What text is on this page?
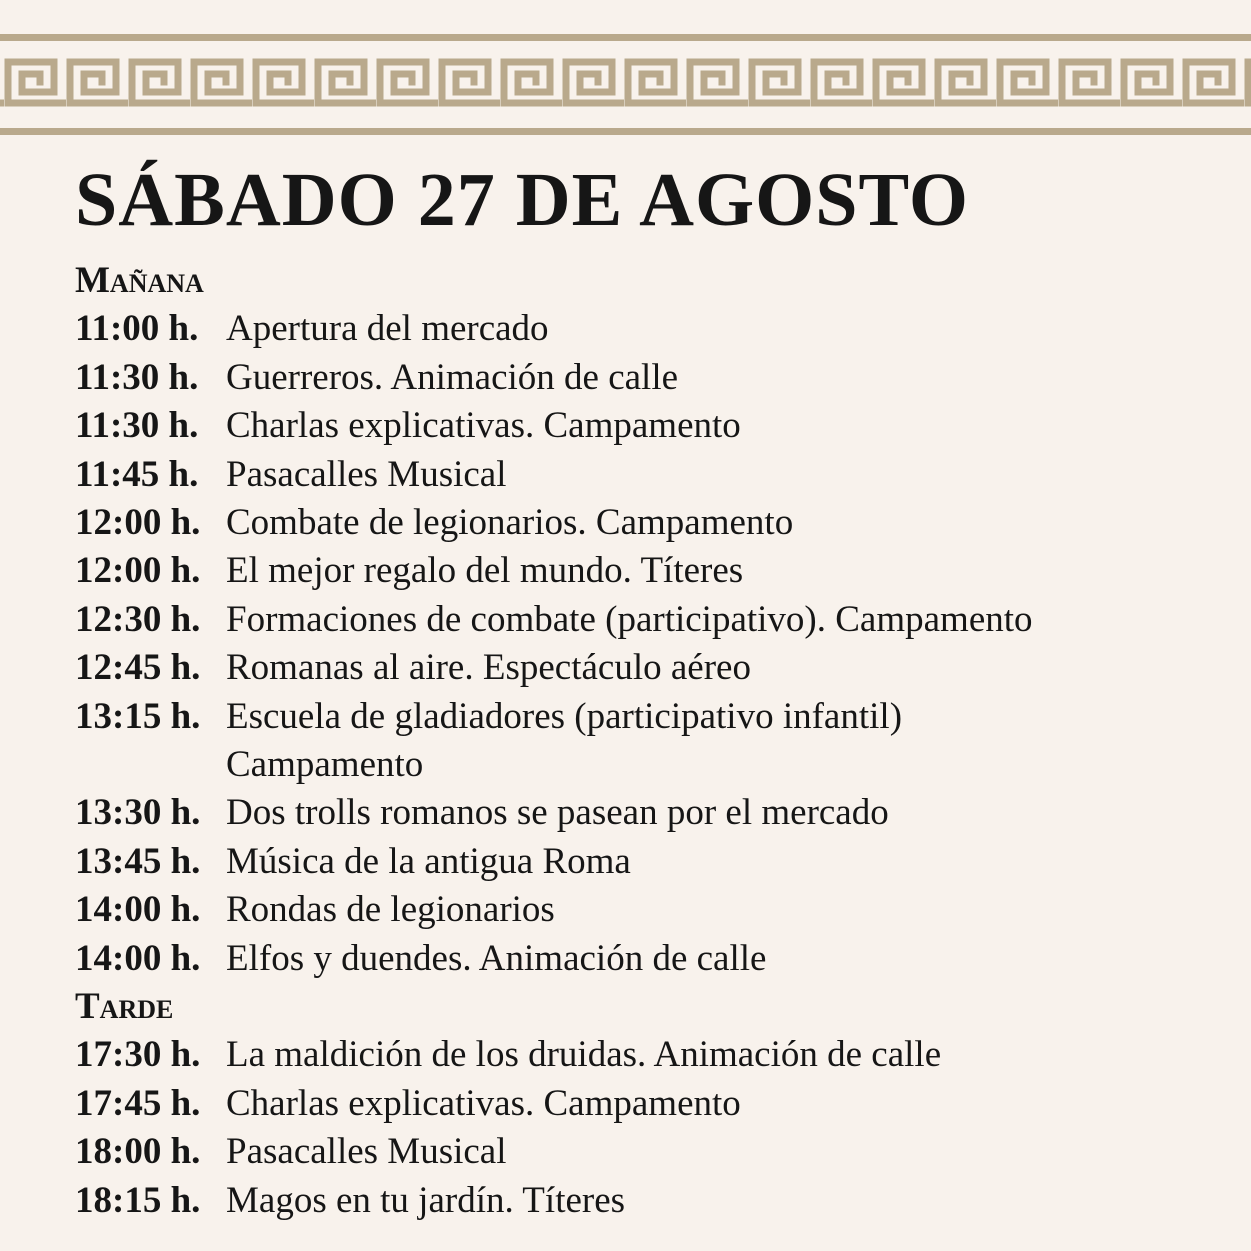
SÁBADO 27 DE AGOSTO
Mañana
11:00 h. Apertura del mercado
11:30 h. Guerreros. Animación de calle
11:30 h. Charlas explicativas. Campamento
11:45 h. Pasacalles Musical
12:00 h. Combate de legionarios. Campamento
12:00 h. El mejor regalo del mundo. Títeres
12:30 h. Formaciones de combate (participativo). Campamento
12:45 h. Romanas al aire. Espectáculo aéreo
13:15 h. Escuela de gladiadores (participativo infantil)
Campamento
13:30 h. Dos trolls romanos se pasean por el mercado
13:45 h. Música de la antigua Roma
14:00 h. Rondas de legionarios
14:00 h. Elfos y duendes. Animación de calle
Tarde
17:30 h. La maldición de los druidas. Animación de calle
17:45 h. Charlas explicativas. Campamento
18:00 h. Pasacalles Musical
18:15 h. Magos en tu jardín. Títeres
